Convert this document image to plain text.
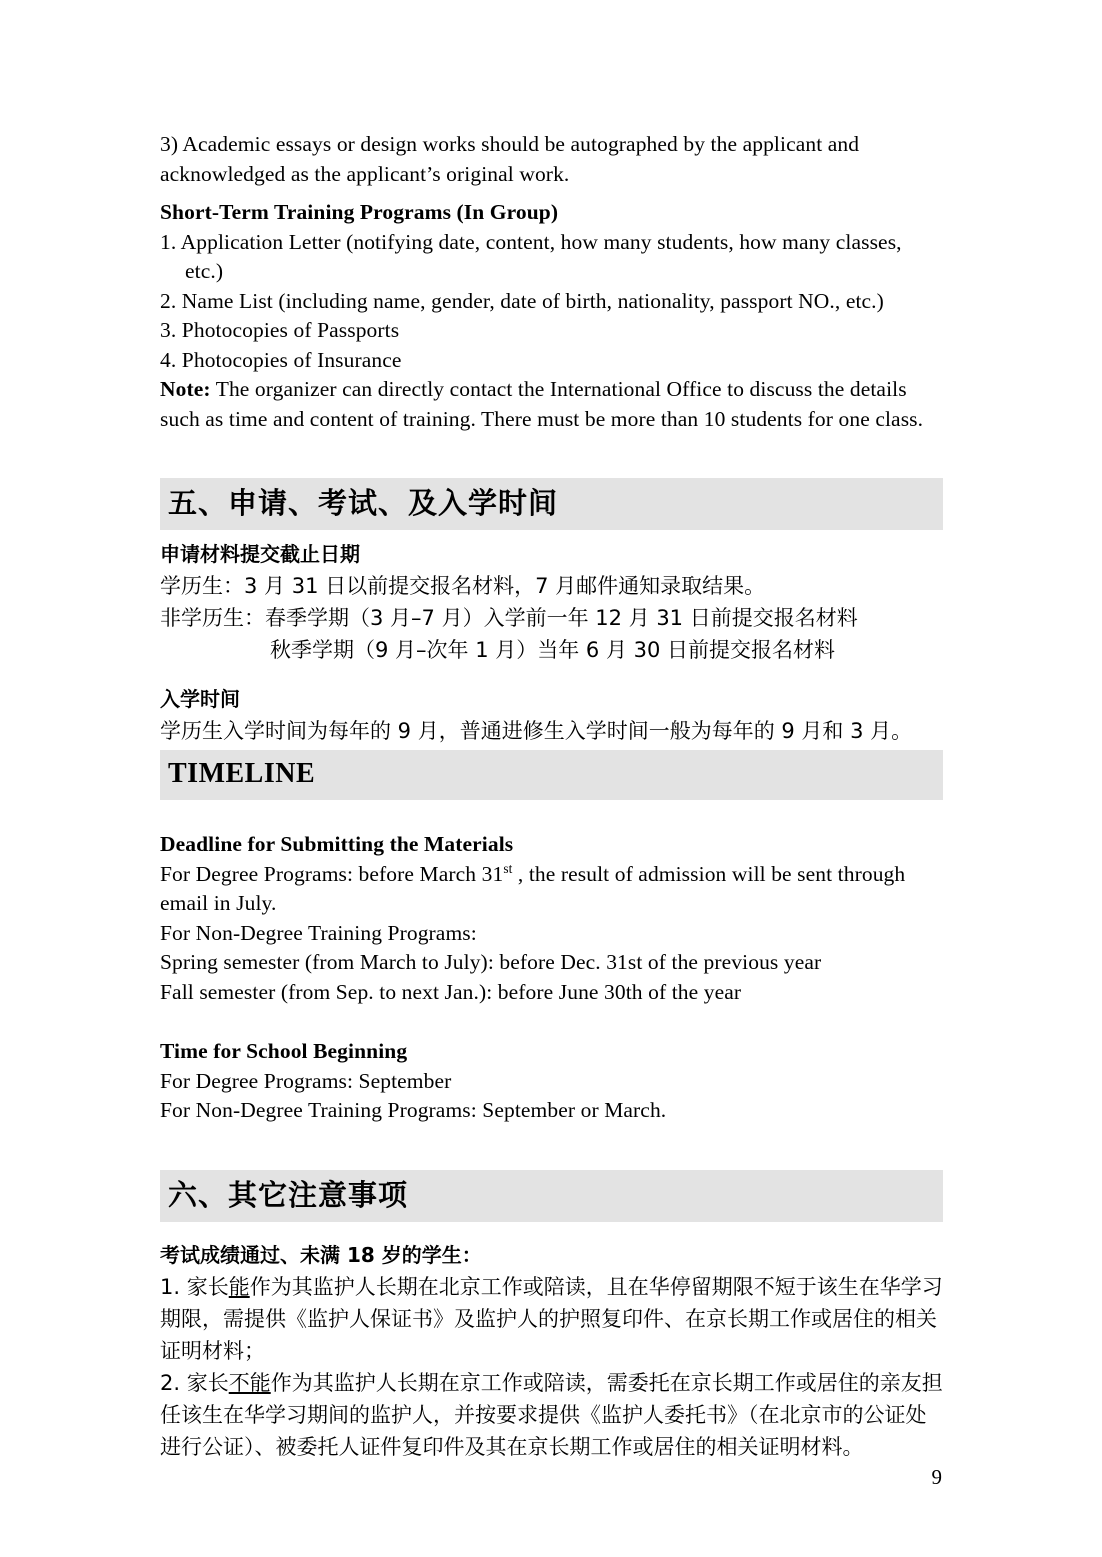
3) Academic essays or design works should be autographed by the applicant and acknowledged as the applicant’s original work.

Short-Term Training Programs (In Group)

1. Application Letter (notifying date, content, how many students, how many classes, etc.)

2. Name List (including name, gender, date of birth, nationality, passport NO., etc.)

3. Photocopies of Passports

4. Photocopies of Insurance

Note: The organizer can directly contact the International Office to discuss the details such as time and content of training. There must be more than 10 students for one class.

五、申请、考试、及入学时间

申请材料提交截止日期

学历生：3 月 31 日以前提交报名材料，7 月邮件通知录取结果。

非学历生：春季学期（3 月–7 月）入学前一年 12 月 31 日前提交报名材料

秋季学期（9 月–次年 1 月）当年 6 月 30 日前提交报名材料

入学时间

学历生入学时间为每年的 9 月，普通进修生入学时间一般为每年的 9 月和 3 月。

TIMELINE

Deadline for Submitting the Materials

For Degree Programs: before March 31st , the result of admission will be sent through email in July.

For Non-Degree Training Programs:

Spring semester (from March to July): before Dec. 31st of the previous year

Fall semester (from Sep. to next Jan.): before June 30th of the year

Time for School Beginning

For Degree Programs: September

For Non-Degree Training Programs: September or March.

六、其它注意事项

考试成绩通过、未满 18 岁的学生：

1. 家长能作为其监护人长期在北京工作或陪读，且在华停留期限不短于该生在华学习期限，需提供《监护人保证书》及监护人的护照复印件、在京长期工作或居住的相关证明材料；

2. 家长不能作为其监护人长期在京工作或陪读，需委托在京长期工作或居住的亲友担任该生在华学习期间的监护人，并按要求提供《监护人委托书》（在北京市的公证处进行公证）、被委托人证件复印件及其在京长期工作或居住的相关证明材料。

9
